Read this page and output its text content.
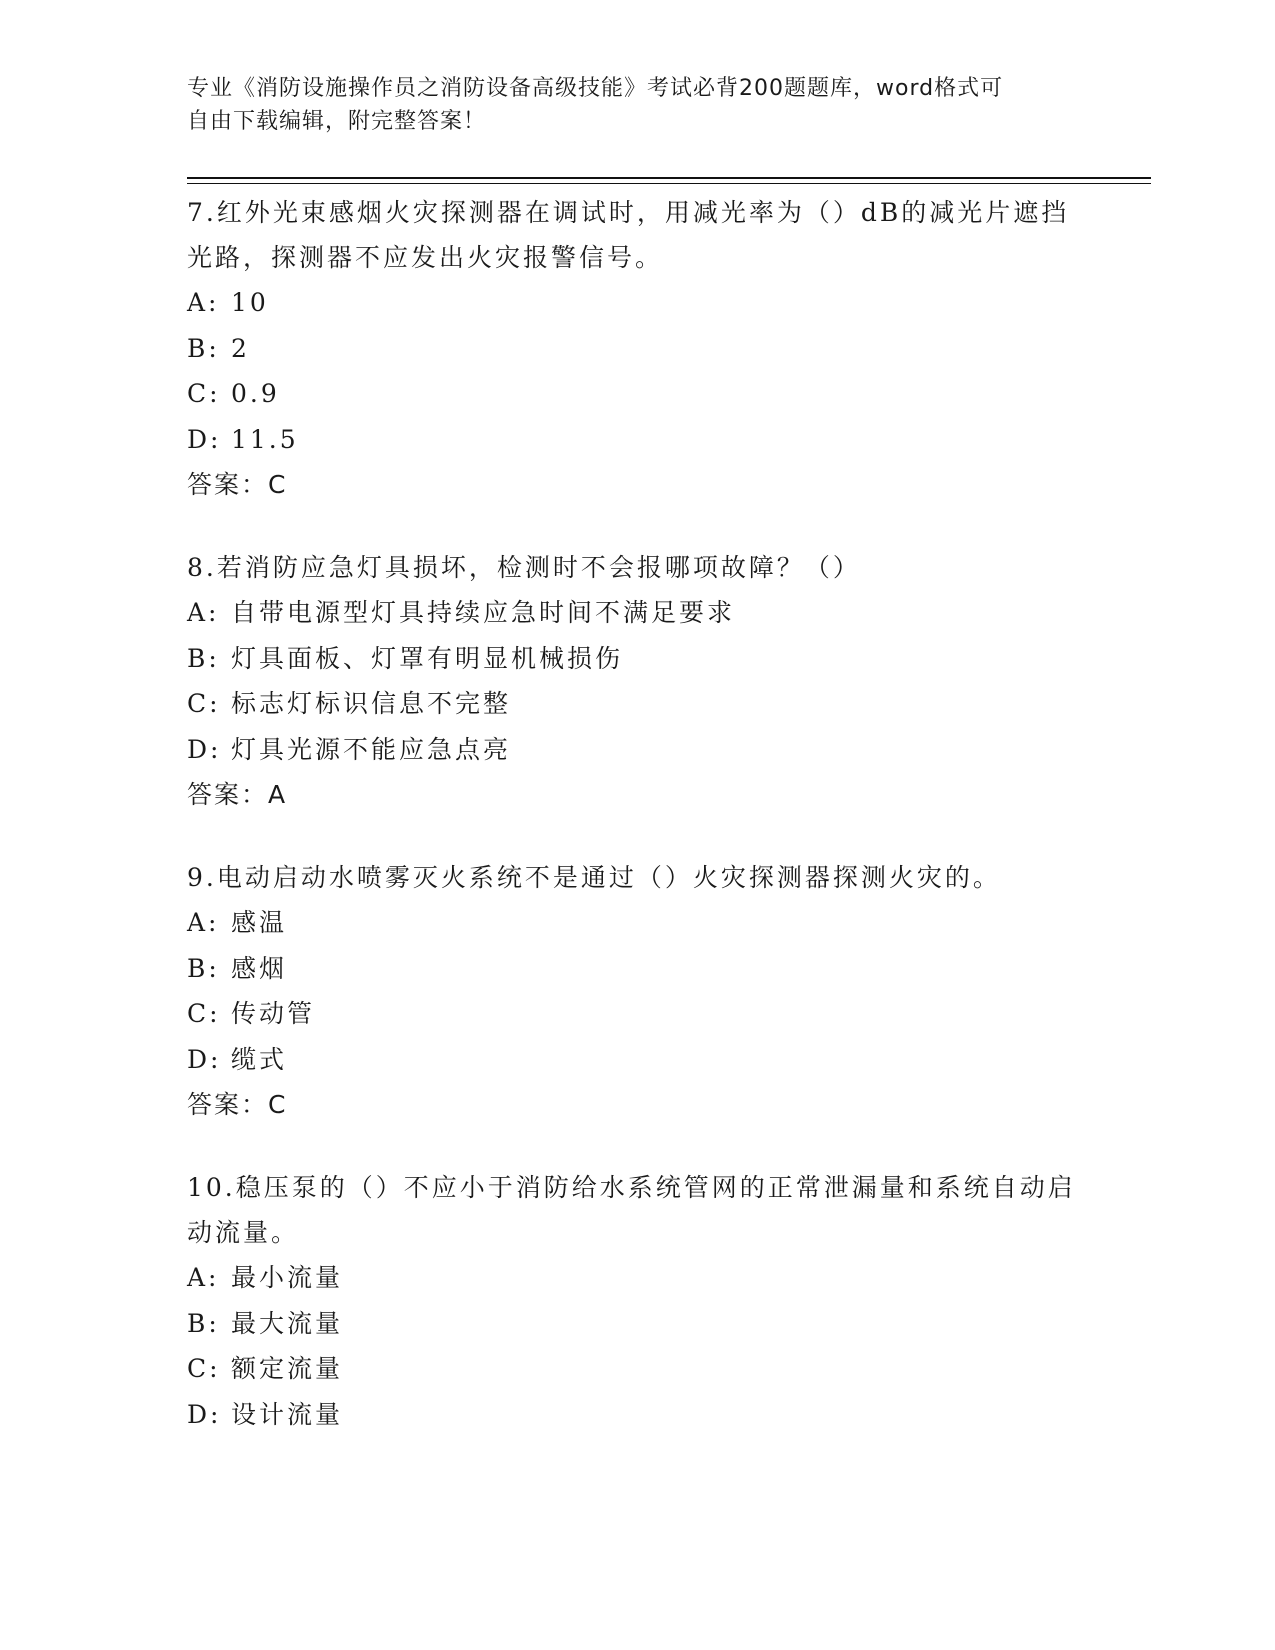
专业《消防设施操作员之消防设备高级技能》考试必背200题题库，word格式可
自由下载编辑，附完整答案！

7.红外光束感烟火灾探测器在调试时，用减光率为（）dB的减光片遮挡光路，探测器不应发出火灾报警信号。

A: 10

B: 2

C: 0.9

D: 11.5

答案：C

8.若消防应急灯具损坏，检测时不会报哪项故障？（）

A: 自带电源型灯具持续应急时间不满足要求

B: 灯具面板、灯罩有明显机械损伤

C: 标志灯标识信息不完整

D: 灯具光源不能应急点亮

答案：A

9.电动启动水喷雾灭火系统不是通过（）火灾探测器探测火灾的。

A: 感温

B: 感烟

C: 传动管

D: 缆式

答案：C

10.稳压泵的（）不应小于消防给水系统管网的正常泄漏量和系统自动启动流量。

A: 最小流量

B: 最大流量

C: 额定流量

D: 设计流量
